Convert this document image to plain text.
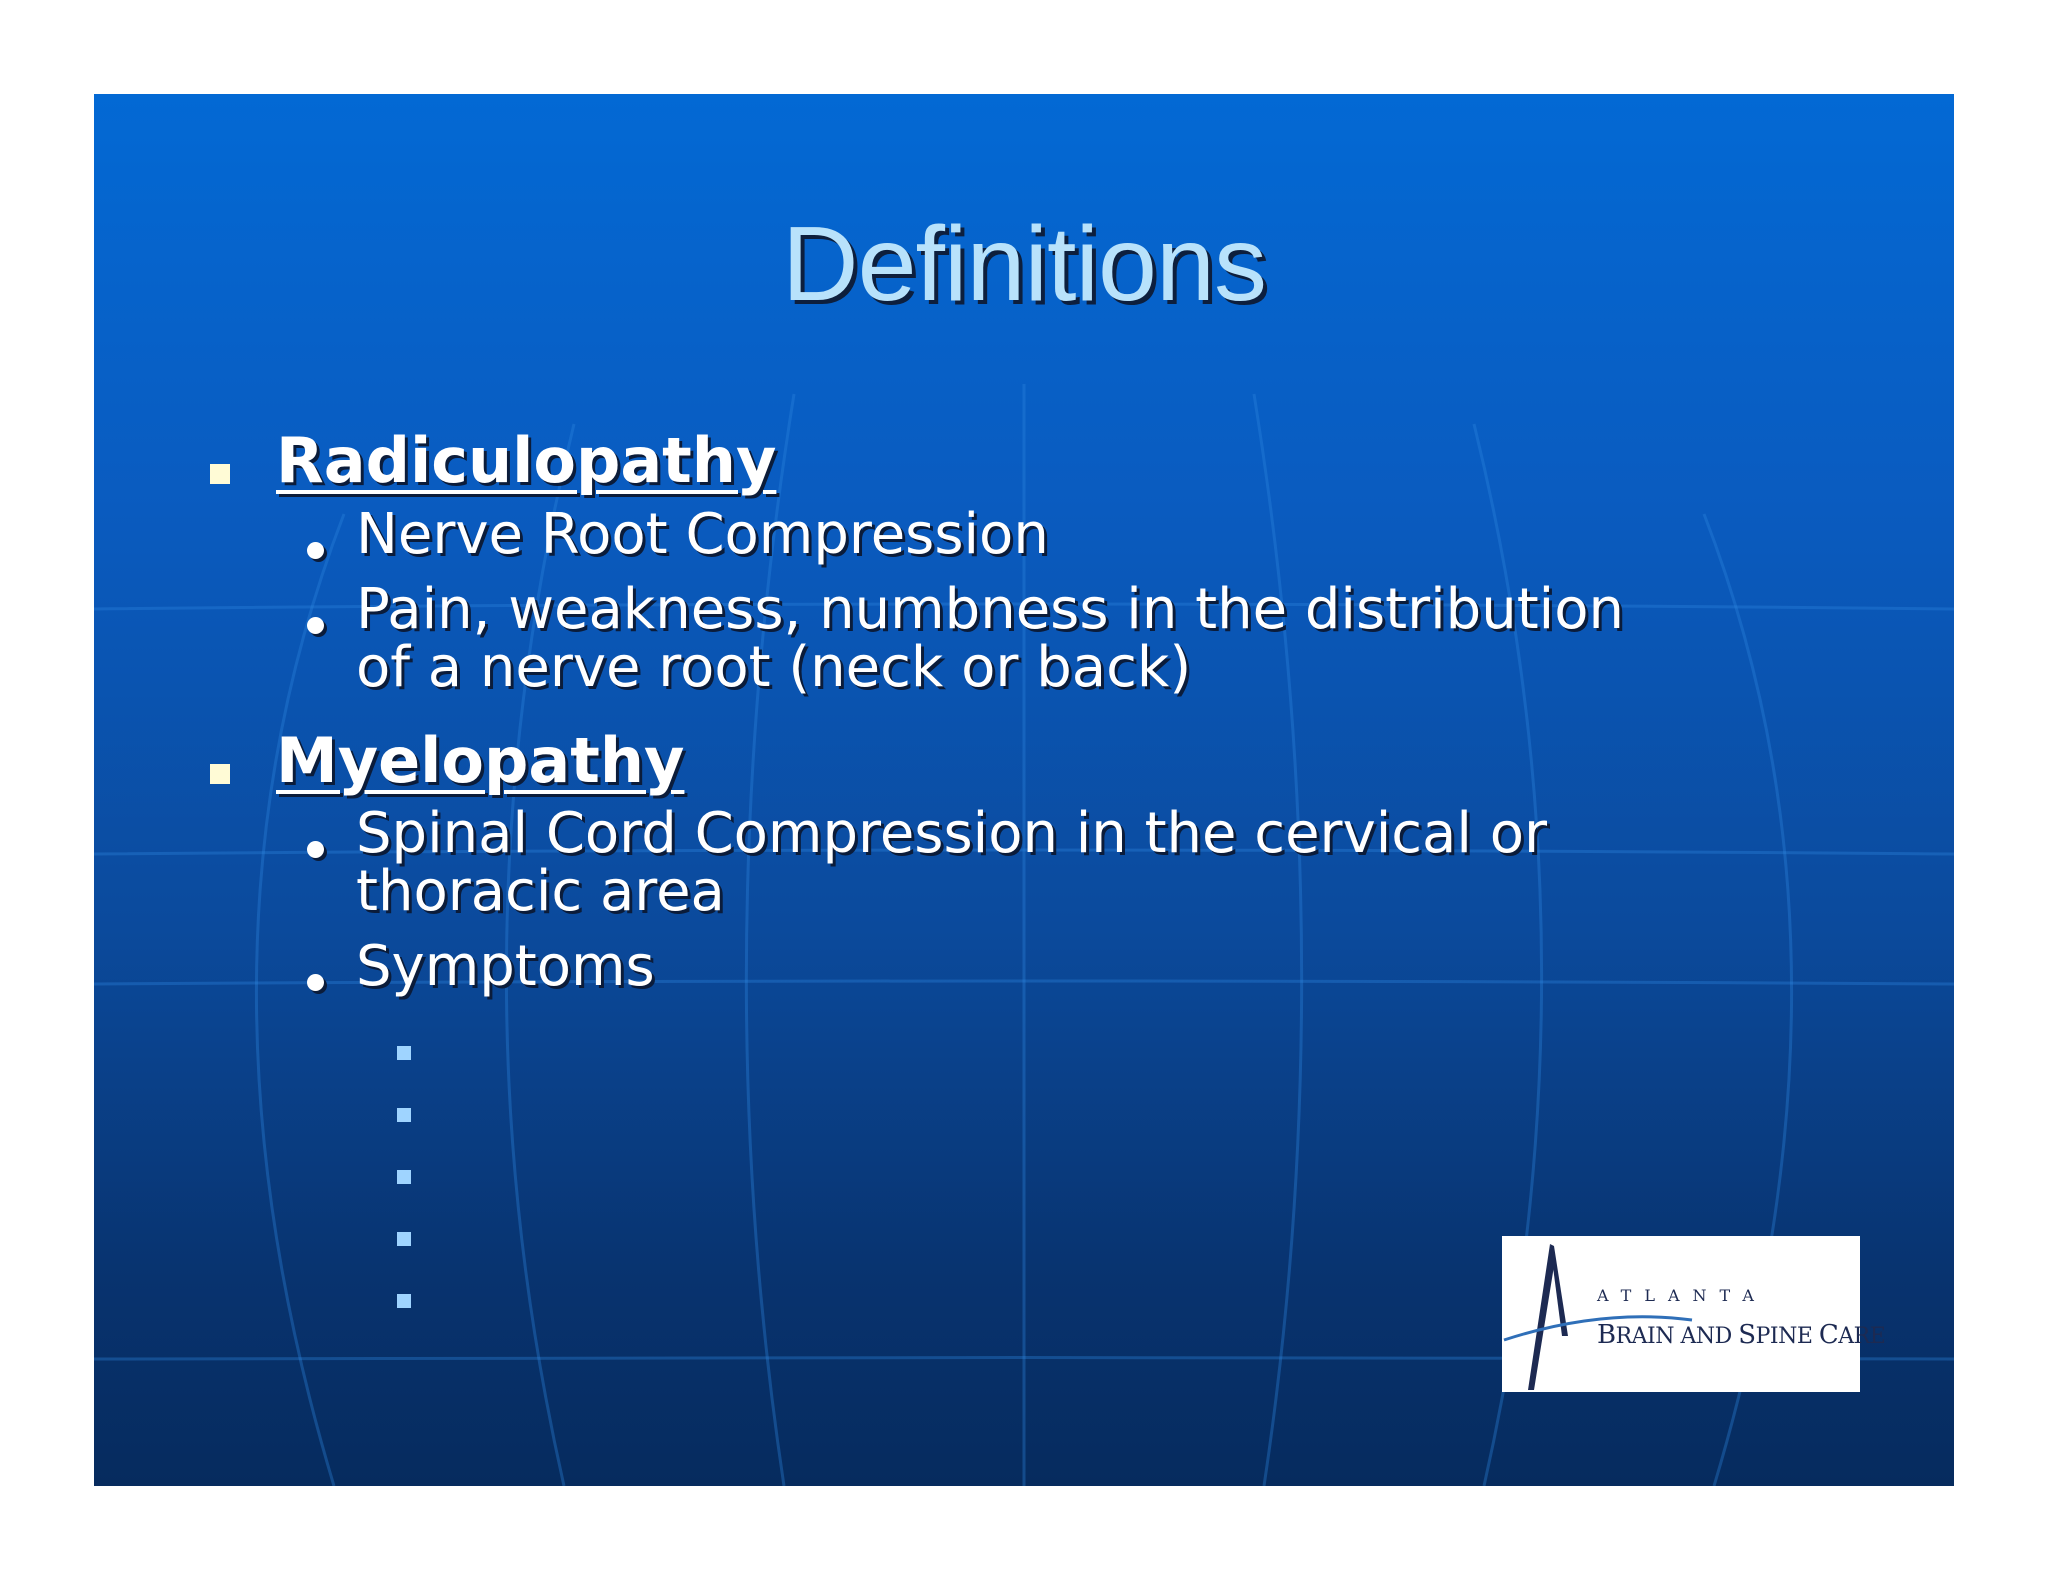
Definitions
Radiculopathy
Nerve Root Compression
Pain, weakness, numbness in the distribution
of a nerve root (neck or back)
Myelopathy
Spinal Cord Compression in the cervical or
thoracic area
Symptoms
ATLANTA
BRAIN AND SPINE CARE
